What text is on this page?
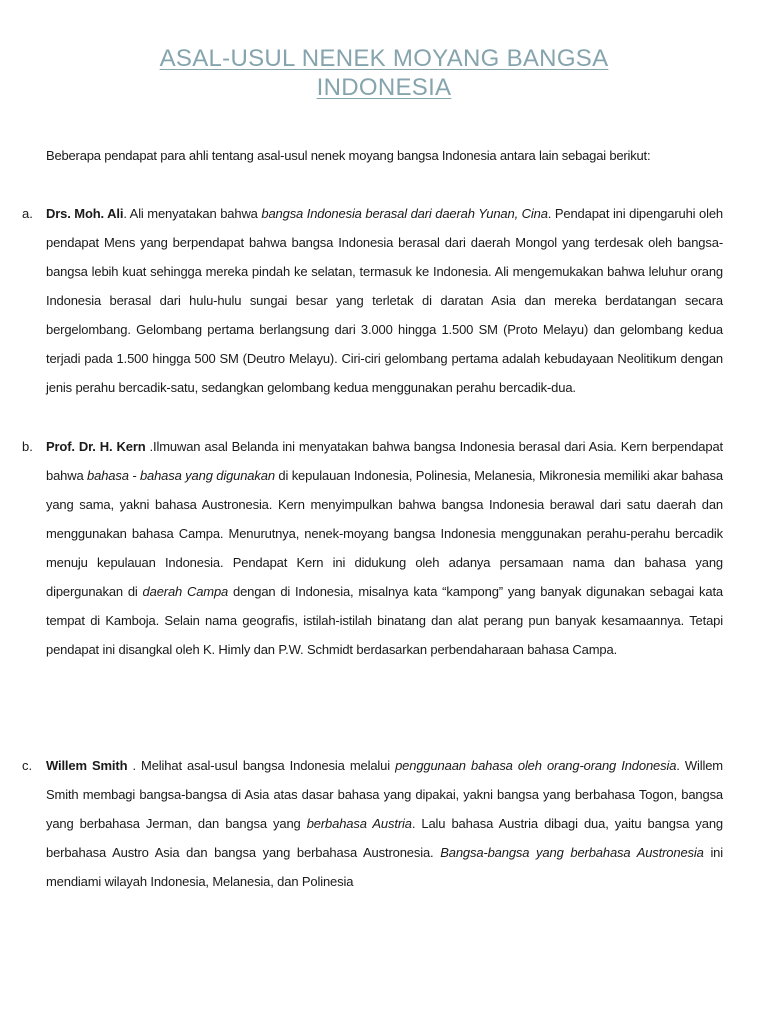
ASAL-USUL NENEK MOYANG BANGSA
INDONESIA

Beberapa pendapat para ahli tentang asal-usul nenek moyang bangsa Indonesia antara lain sebagai berikut:

a. Drs. Moh. Ali. Ali menyatakan bahwa bangsa Indonesia berasal dari daerah Yunan, Cina. Pendapat ini dipengaruhi oleh pendapat Mens yang berpendapat bahwa bangsa Indonesia berasal dari daerah Mongol yang terdesak oleh bangsa-bangsa lebih kuat sehingga mereka pindah ke selatan, termasuk ke Indonesia. Ali mengemukakan bahwa leluhur orang Indonesia berasal dari hulu-hulu sungai besar yang terletak di daratan Asia dan mereka berdatangan secara bergelombang. Gelombang pertama berlangsung dari 3.000 hingga 1.500 SM (Proto Melayu) dan gelombang kedua terjadi pada 1.500 hingga 500 SM (Deutro Melayu). Ciri-ciri gelombang pertama adalah kebudayaan Neolitikum dengan jenis perahu bercadik-satu, sedangkan gelombang kedua menggunakan perahu bercadik-dua.

b. Prof. Dr. H. Kern .Ilmuwan asal Belanda ini menyatakan bahwa bangsa Indonesia berasal dari Asia. Kern berpendapat bahwa bahasa - bahasa yang digunakan di kepulauan Indonesia, Polinesia, Melanesia, Mikronesia memiliki akar bahasa yang sama, yakni bahasa Austronesia. Kern menyimpulkan bahwa bangsa Indonesia berawal dari satu daerah dan menggunakan bahasa Campa. Menurutnya, nenek-moyang bangsa Indonesia menggunakan perahu-perahu bercadik menuju kepulauan Indonesia. Pendapat Kern ini didukung oleh adanya persamaan nama dan bahasa yang dipergunakan di daerah Campa dengan di Indonesia, misalnya kata “kampong” yang banyak digunakan sebagai kata tempat di Kamboja. Selain nama geografis, istilah-istilah binatang dan alat perang pun banyak kesamaannya. Tetapi pendapat ini disangkal oleh K. Himly dan P.W. Schmidt berdasarkan perbendaharaan bahasa Campa.

c. Willem Smith . Melihat asal-usul bangsa Indonesia melalui penggunaan bahasa oleh orang-orang Indonesia. Willem Smith membagi bangsa-bangsa di Asia atas dasar bahasa yang dipakai, yakni bangsa yang berbahasa Togon, bangsa yang berbahasa Jerman, dan bangsa yang berbahasa Austria. Lalu bahasa Austria dibagi dua, yaitu bangsa yang berbahasa Austro Asia dan bangsa yang berbahasa Austronesia. Bangsa-bangsa yang berbahasa Austronesia ini mendiami wilayah Indonesia, Melanesia, dan Polinesia
